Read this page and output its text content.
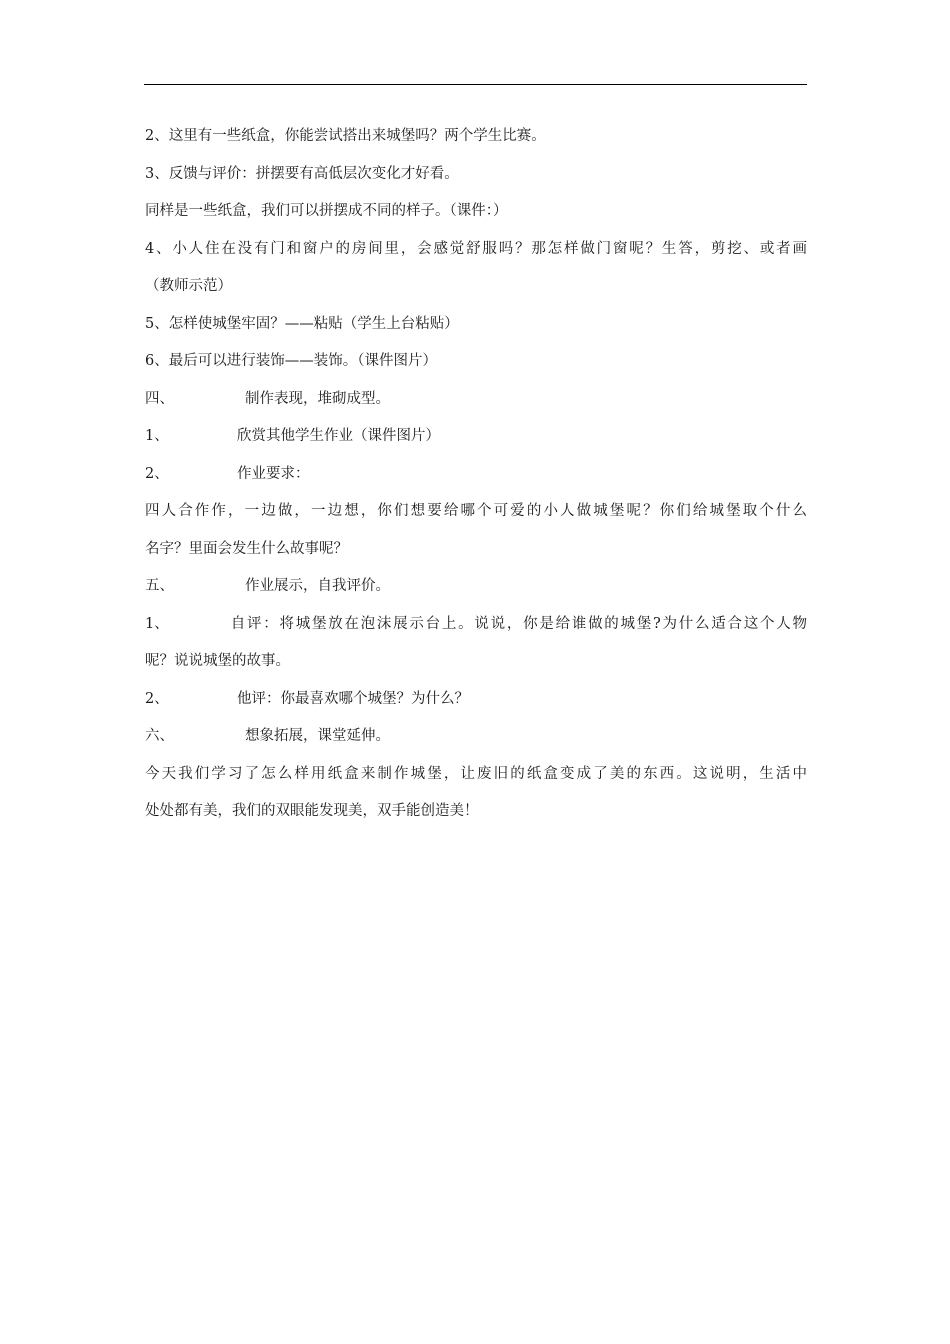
2、这里有一些纸盒，你能尝试搭出来城堡吗？两个学生比赛。
3、反馈与评价：拼摆要有高低层次变化才好看。
同样是一些纸盒，我们可以拼摆成不同的样子。（课件：）
4、小人住在没有门和窗户的房间里，会感觉舒服吗？那怎样做门窗呢？生答，剪挖、或者画
（教师示范）
5、怎样使城堡牢固？——粘贴（学生上台粘贴）
6、最后可以进行装饰——装饰。（课件图片）
四、	制作表现，堆砌成型。
1、	欣赏其他学生作业（课件图片）
2、	作业要求：
四人合作作，一边做，一边想，你们想要给哪个可爱的小人做城堡呢？你们给城堡取个什么
名字？里面会发生什么故事呢？
五、	作业展示，自我评价。
1、	自评：将城堡放在泡沫展示台上。说说，你是给谁做的城堡?为什么适合这个人物
呢？说说城堡的故事。
2、	他评：你最喜欢哪个城堡？为什么？
六、	想象拓展，课堂延伸。
今天我们学习了怎么样用纸盒来制作城堡，让废旧的纸盒变成了美的东西。这说明，生活中
处处都有美，我们的双眼能发现美，双手能创造美！
